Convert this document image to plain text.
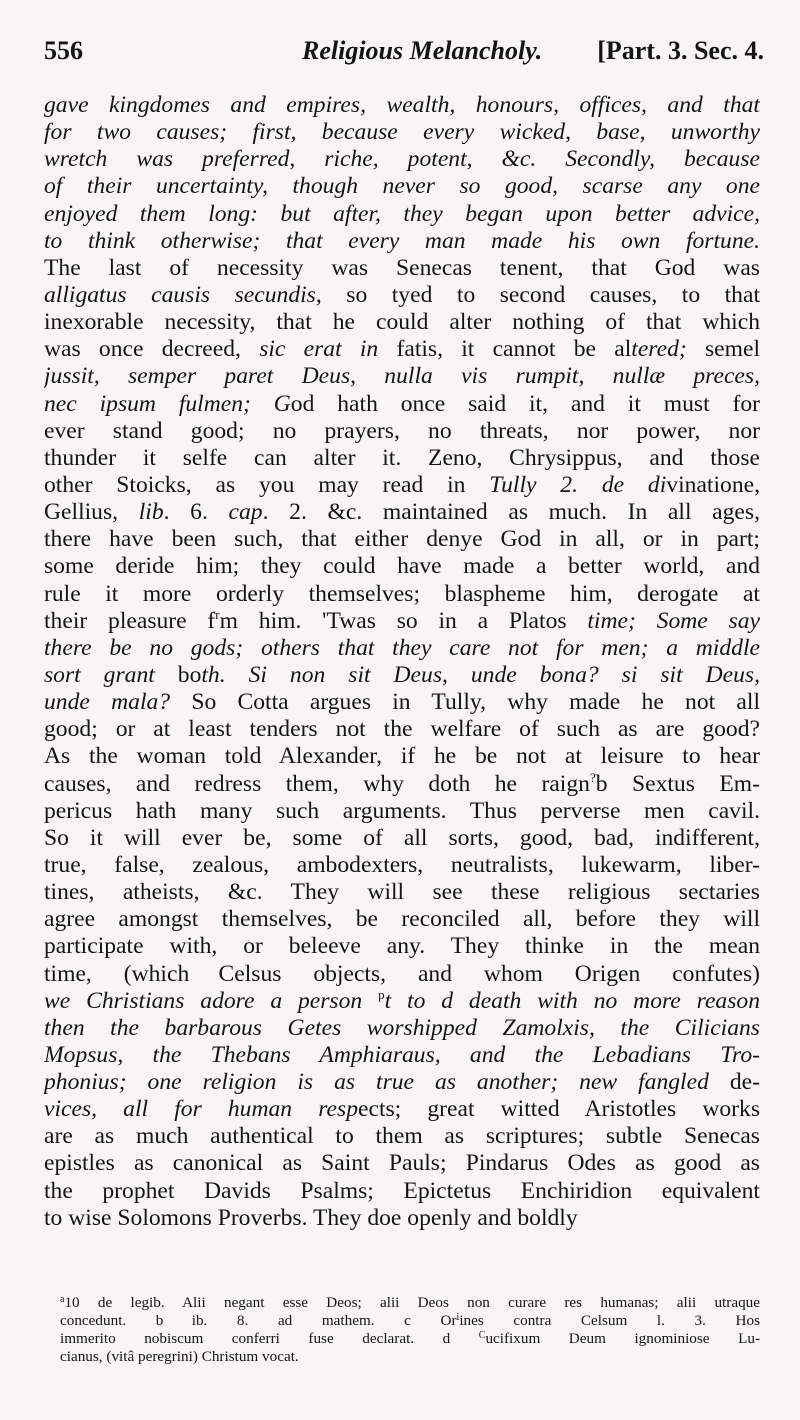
556	Religious Melancholy. [Part. 3. Sec. 4.
gave kingdomes and empires, wealth, honours, offices, and that
for two causes; first, because every wicked, base, unworthy
wretch was preferred, riche, potent, &c. Secondly, because
of their uncertainty, though never so good, scarse any one
enjoyed them long: but after, they began upon better advice,
to think otherwise; that every man made his own fortune.
The last of necessity was Senecas tenent, that God was
alligatus causis secundis, so tyed to second causes, to that
inexorable necessity, that he could alter nothing of that which
was once decreed, sic erat in fatis, it cannot be altered; semel
jussit, semper paret Deus, nulla vis rumpit, nullæ preces,
nec ipsum fulmen; God hath once said it, and it must for
ever stand good; no prayers, no threats, nor power, nor
thunder it selfe can alter it. Zeno, Chrysippus, and those
other Stoicks, as you may read in Tully 2. de divinatione,
Gellius, lib. 6. cap. 2. &c. maintained as much. In all ages,
there have been such, that either denye God in all, or in part;
some deride him; they could have made a better world, and
rule it more orderly themselves; blaspheme him, derogate at
their pleasure $f^rm$ him. 'Twas so in a Platos time; Some say
there be no gods; others that they care not for men; a middle
sort grant both. Si non sit Deus, unde bona? si sit Deus,
unde mala? So Cotta argues in Tully, why made he not all
good; or at least tenders not the welfare of such as are good?
As the woman told Alexander, if he be not at leisure to hear
causes, and redress them, why doth he raign?b Sextus Em-
pericus hath many such arguments. Thus perverse men cavil.
So it will ever be, some of all sorts, good, bad, indifferent,
true, false, zealous, ambodexters, neutralists, lukewarm, liber-
tines, atheists, &c. They will see these religious sectaries
agree amongst themselves, be reconciled all, before they will
participate with, or beleeve any. They thinke in the mean
time, (which Celsus objects, and whom Origen confutes)
we Christians adore a person $^p$t to d death with no more reason
then the barbarous Getes worshipped Zamolxis, the Cilicians
Mopsus, the Thebans Amphiaraus, and the Lebadians Tro-
phonius; one religion is as true as another; new fangled de-
vices, all for human respects; great witted Aristotles works
are as much authentical to them as scriptures; subtle Senecas
epistles as canonical as Saint Pauls; Pindarus Odes as good as
the prophet Davids Psalms; Epictetus Enchiridion equivalent
to wise Solomons Proverbs. They doe openly and boldly
$^a$10 de legib. Alii negant esse Deos; alii Deos non curare res humanas; alii utraque
concedunt. b ib. 8. ad mathem. c Or$^i$ines contra Celsum l. 3. Hos
immerito nobiscum conferri fuse declarat. d $^C$ucifixum Deum ignominiose Lu-
cianus, (vitâ peregrini) Christum vocat.
